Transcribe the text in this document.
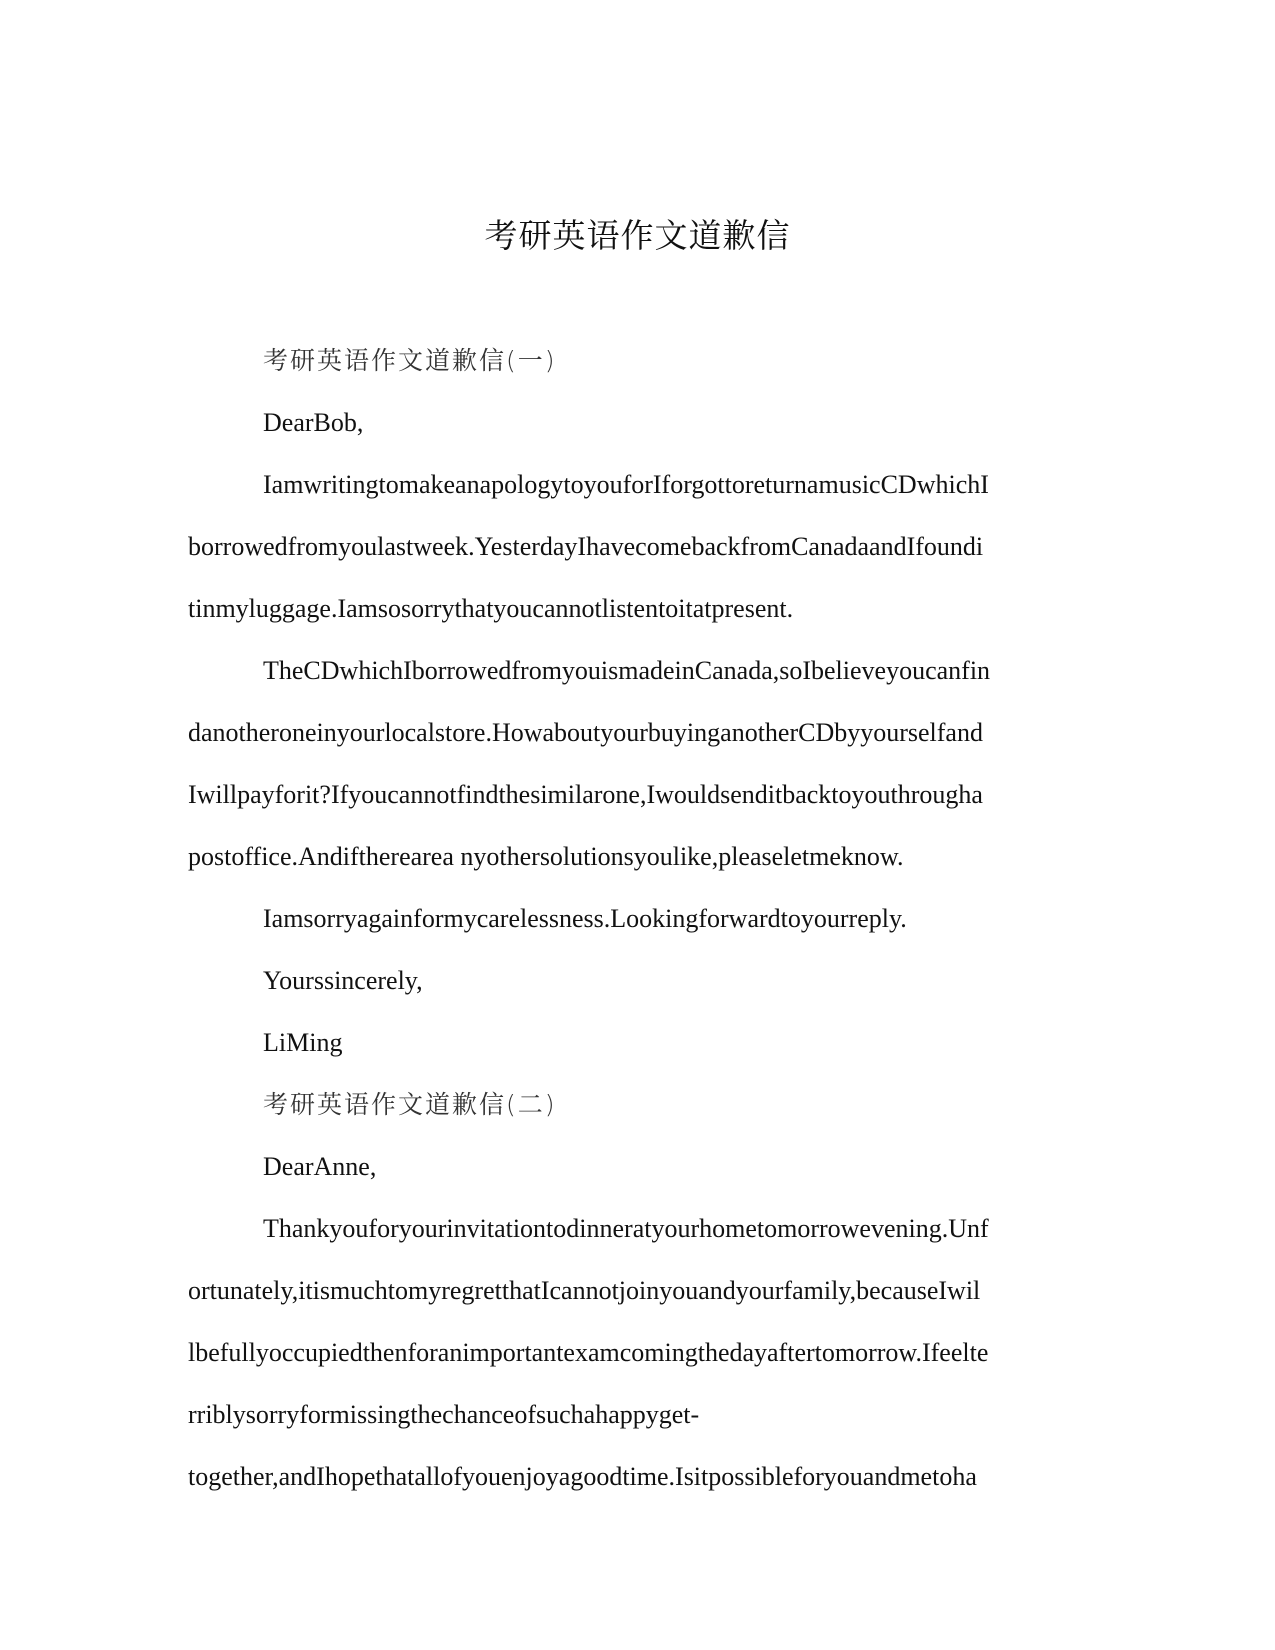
考研英语作文道歉信
考研英语作文道歉信(一)
DearBob,
IamwritingtomakeanapologytoyouforIforgottoreturnamusicCDwhichI
borrowedfromyoulastweek.YesterdayIhavecomebackfromCanadaandIfoundi
tinmyluggage.Iamsosorrythatyoucannotlistentoitatpresent.
TheCDwhichIborrowedfromyouismadeinCanada,soIbelieveyoucanfin
danotheroneinyourlocalstore.HowaboutyourbuyinganotherCDbyyourselfand
Iwillpayforit?Ifyoucannotfindthesimilarone,Iwouldsenditbacktoyouthrougha
postoffice.Andiftherearea nyothersolutionsyoulike,pleaseletmeknow.
Iamsorryagainformycarelessness.Lookingforwardtoyourreply.
Yourssincerely,
LiMing
考研英语作文道歉信(二)
DearAnne,
Thankyouforyourinvitationtodinneratyourhometomorrowevening.Unf
ortunately,itismuchtomyregretthatIcannotjoinyouandyourfamily,becauseIwil
lbefullyoccupiedthenforanimportantexamcomingthedayaftertomorrow.Ifeelte
rriblysorryformissingthechanceofsuchahappyget-
together,andIhopethatallofyouenjoyagoodtime.Isitpossibleforyouandmetoha
